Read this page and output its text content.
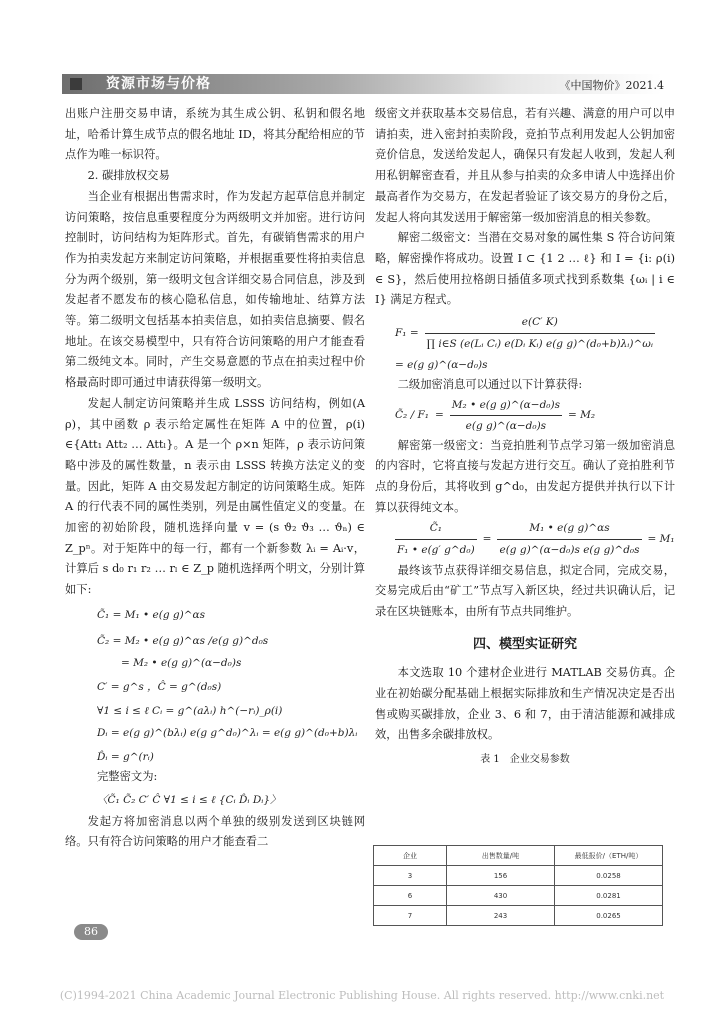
资源市场与价格	《中国物价》2021.4

出账户注册交易申请，系统为其生成公钥、私钥和假名地址，哈希计算生成节点的假名地址 ID，将其分配给相应的节点作为唯一标识符。

2. 碳排放权交易

当企业有根据出售需求时，作为发起方起草信息并制定访问策略，按信息重要程度分为两级明文并加密。进行访问控制时，访问结构为矩阵形式。首先，有碳销售需求的用户作为拍卖发起方来制定访问策略，并根据重要性将拍卖信息分为两个级别，第一级明文包含详细交易合同信息，涉及到发起者不愿发布的核心隐私信息，如传输地址、结算方法等。第二级明文包括基本拍卖信息，如拍卖信息摘要、假名地址。在该交易模型中，只有符合访问策略的用户才能查看第二级纯文本。同时，产生交易意愿的节点在拍卖过程中价格最高时即可通过申请获得第一级明文。

发起人制定访问策略并生成 LSSS 访问结构，例如(A ρ)，其中函数 ρ 表示给定属性在矩阵 A 中的位置，ρ(i) ∈{Att₁ Att₂ … Attₗ}。A 是一个 ρ×n 矩阵，ρ 表示访问策略中涉及的属性数量，n 表示由 LSSS 转换方法定义的变量。因此，矩阵 A 由交易发起方制定的访问策略生成。矩阵 A 的行代表不同的属性类别，列是由属性值定义的变量。在加密的初始阶段，随机选择向量 v = (s ϑ₂ ϑ₃ … ϑₙ) ∈ Z_pⁿ。对于矩阵中的每一行，都有一个新参数 λᵢ = Aᵢ·v，计算后 s d₀ r₁ r₂ … rₗ ∈ Z_p 随机选择两个明文，分别计算如下:

C̃₁ = M₁ • e(g g)^αs
C̃₂ = M₂ • e(g g)^αs /e(g g)^d₀s
= M₂ • e(g g)^(α−d₀)s
C′ = g^s ，Ĉ = g^(d₀s)
∀1 ≤ i ≤ ℓ Cᵢ = g^(aλᵢ) h^(−rᵢ)_ρ(i)
Dᵢ = e(g g)^(bλᵢ) e(g g^d₀)^λᵢ = e(g g)^(d₀+b)λᵢ
D̂ᵢ = g^(rᵢ)

完整密文为:

〈C̃₁ C̃₂ C′ Ĉ ∀1 ≤ i ≤ ℓ {Cᵢ D̂ᵢ Dᵢ}〉

发起方将加密消息以两个单独的级别发送到区块链网络。只有符合访问策略的用户才能查看二

级密文并获取基本交易信息，若有兴趣、满意的用户可以申请拍卖，进入密封拍卖阶段，竞拍节点利用发起人公钥加密竞价信息，发送给发起人，确保只有发起人收到，发起人利用私钥解密查看，并且从参与拍卖的众多申请人中选择出价最高者作为交易方，在发起者验证了该交易方的身份之后，发起人将向其发送用于解密第一级加密消息的相关参数。

解密二级密文：当潜在交易对象的属性集 S 符合访问策略，解密操作将成功。设置 I ⊂ {1 2 … ℓ} 和 I = {i: ρ(i) ∈ S}，然后使用拉格朗日插值多项式找到系数集 {ωᵢ | i ∈ I} 满足方程式。

$F_1 = \frac{e(C' K)}{\text{∏ i∈S (e(Lᵢ Cᵢ) e(Dᵢ Kᵢ) e(g g)\textasciicircum{}(d₀+b)λᵢ)\textasciicircum{}ωᵢ}}$
= e(g g)^(α−d₀)s

二级加密消息可以通过以下计算获得:

C̃₂ / $F_1 = \frac{\text{M₂ • e(g g)\textasciicircum{}(α−d₀)s}}{\text{e(g g)\textasciicircum{}(α−d₀)s}} = M_2$

解密第一级密文：当竞拍胜利节点学习第一级加密消息的内容时，它将直接与发起方进行交互。确认了竞拍胜利节点的身份后，其将收到 g^d₀，由发起方提供并执行以下计算以获得纯文本。

$\frac{\text{C̃₁}}{\text{F₁ • e(g′ g\textasciicircum{}d₀)}} = \frac{\text{M₁ • e(g g)\textasciicircum{}αs}}{\text{e(g g)\textasciicircum{}(α−d₀)s e(g g)\textasciicircum{}d₀s}} = M_1$

最终该节点获得详细交易信息，拟定合同，完成交易，交易完成后由“矿工”节点写入新区块，经过共识确认后，记录在区块链账本，由所有节点共同维护。

四、模型实证研究

本文选取 10 个建材企业进行 MATLAB 交易仿真。企业在初始碳分配基础上根据实际排放和生产情况决定是否出售或购买碳排放，企业 3、6 和 7，由于清洁能源和减排成效，出售多余碳排放权。

表 1　企业交易参数
企业	出售数量/吨	最低报价/（ETH/吨）
3	156	0.0258
6	430	0.0281
7	243	0.0265
86
(C)1994-2021 China Academic Journal Electronic Publishing House. All rights reserved. http://www.cnki.net
